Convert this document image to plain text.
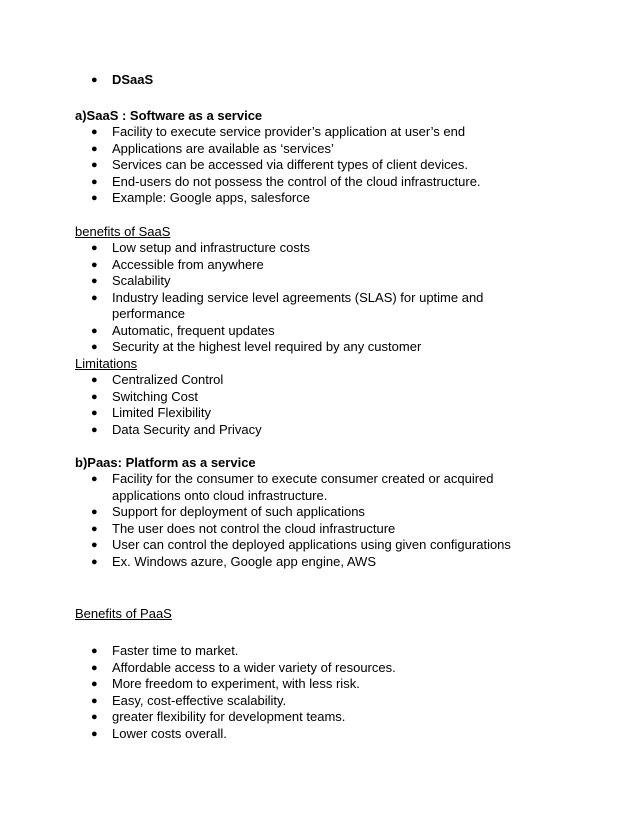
● DSaaS
a)SaaS : Software as a service
● Facility to execute service provider’s application at user’s end
● Applications are available as ‘services’
● Services can be accessed via different types of client devices.
● End-users do not possess the control of the cloud infrastructure.
● Example: Google apps, salesforce
benefits of SaaS
● Low setup and infrastructure costs
● Accessible from anywhere
● Scalability
● Industry leading service level agreements (SLAS) for uptime and performance
● Automatic, frequent updates
● Security at the highest level required by any customer
Limitations
● Centralized Control
● Switching Cost
● Limited Flexibility
● Data Security and Privacy
b)Paas: Platform as a service
● Facility for the consumer to execute consumer created or acquired applications onto cloud infrastructure.
● Support for deployment of such applications
● The user does not control the cloud infrastructure
● User can control the deployed applications using given configurations
● Ex. Windows azure, Google app engine, AWS
Benefits of PaaS
● Faster time to market.
● Affordable access to a wider variety of resources.
● More freedom to experiment, with less risk.
● Easy, cost-effective scalability.
● greater flexibility for development teams.
● Lower costs overall.
